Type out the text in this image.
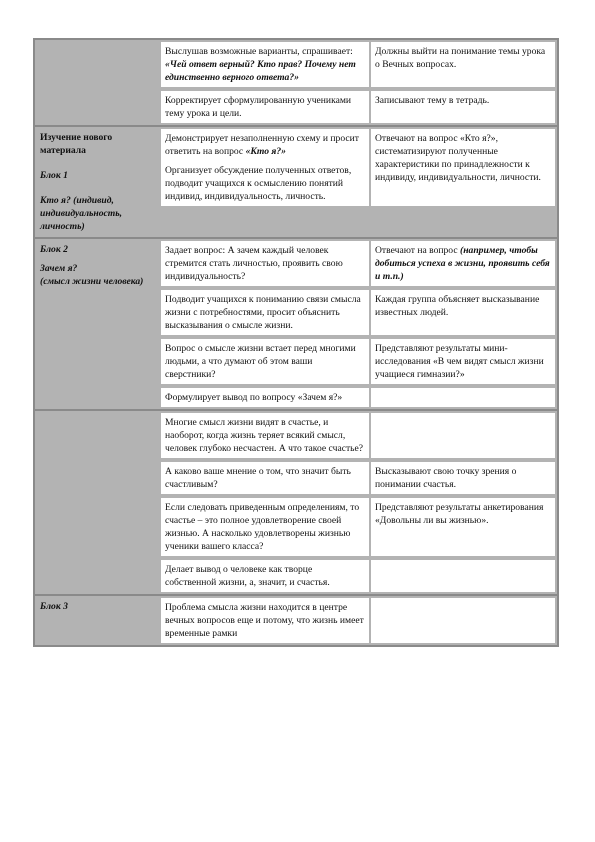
Выслушав возможные варианты, спрашивает: «Чей ответ верный? Кто прав? Почему нет единственно верного ответа?»
Должны выйти на понимание темы урока о Вечных вопросах.
Корректирует сформулированную учениками тему урока и цели.
Записывают тему в тетрадь.
Изучение нового материала
Блок 1
Кто я? (индивид, индивидуальность, личность)

Демонстрирует незаполненную схему и просит ответить на вопрос «Кто я?»

Организует обсуждение полученных ответов, подводит учащихся к осмыслению понятий индивид, индивидуальность, личность.

Отвечают на вопрос «Кто я?», систематизируют полученные характеристики по принадлежности к индивиду, индивидуальности, личности.
Блок 2
Зачем я?
(смысл жизни человека)
Задает вопрос: А зачем каждый человек стремится стать личностью, проявить свою индивидуальность?
Отвечают на вопрос (например, чтобы добиться успеха в жизни, проявить себя и т.п.)
Подводит учащихся к пониманию связи смысла жизни с потребностями, просит объяснить высказывания о смысле жизни.
Каждая группа объясняет высказывание известных людей.
Вопрос о смысле жизни встает перед многими людьми, а что думают об этом ваши сверстники?
Представляют результаты мини-исследования «В чем видят смысл жизни учащиеся гимназии?»
Формулирует вывод по вопросу «Зачем я?»
Многие смысл жизни видят в счастье, и наоборот, когда жизнь теряет всякий смысл, человек глубоко несчастен. А что такое счастье?
А каково ваше мнение о том, что значит быть счастливым?
Высказывают свою точку зрения о понимании счастья.
Если следовать приведенным определениям, то счастье – это полное удовлетворение своей жизнью. А насколько удовлетворены жизнью ученики вашего класса?
Представляют результаты анкетирования «Довольны ли вы жизнью».
Делает вывод о человеке как творце собственной жизни, а, значит, и счастья.
Блок 3	Проблема смысла жизни находится в центре вечных вопросов еще и потому, что жизнь имеет временные рамки
